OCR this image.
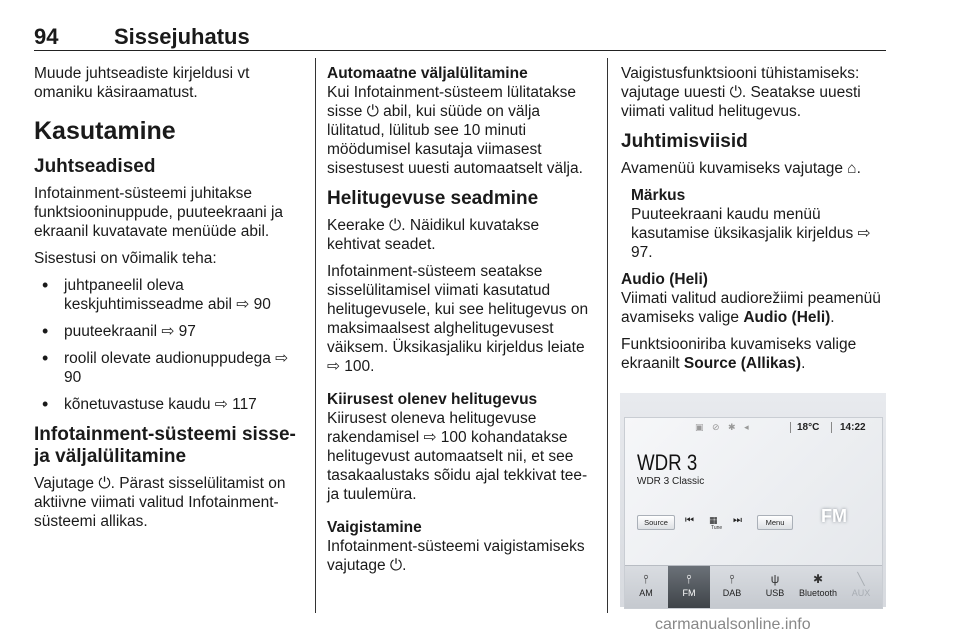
94	Sissejuhatus

Muude juhtseadiste kirjeldusi vt omaniku käsiraamatust.

Kasutamine
Juhtseadised

Infotainment-süsteemi juhitakse funktsiooninuppude, puuteekraani ja ekraanil kuvatavate menüüde abil.

Sisestusi on võimalik teha:

• juhtpaneelil oleva keskjuhtimisseadme abil ⇨ 90
• puuteekraanil ⇨ 97
• roolil olevate audionuppudega ⇨ 90
• kõnetuvastuse kaudu ⇨ 117
Infotainment-süsteemi sisse- ja väljalülitamine

Vajutage ⏻. Pärast sisselülitamist on aktiivne viimati valitud Infotainment-süsteemi allikas.

Automaatne väljalülitamine

Kui Infotainment-süsteem lülitatakse sisse ⏻ abil, kui süüde on välja lülitatud, lülitub see 10 minuti möödumisel kasutaja viimasest sisestusest uuesti automaatselt välja.

Helitugevuse seadmine

Keerake ⏻. Näidikul kuvatakse kehtivat seadet.

Infotainment-süsteem seatakse sisselülitamisel viimati kasutatud helitugevusele, kui see helitugevus on maksimaalsest alghelitugevusest väiksem. Üksikasjaliku kirjeldus leiate ⇨ 100.

Kiirusest olenev helitugevus

Kiirusest oleneva helitugevuse rakendamisel ⇨ 100 kohandatakse helitugevust automaatselt nii, et see tasakaalustaks sõidu ajal tekkivat tee- ja tuulemüra.

Vaigistamine

Infotainment-süsteemi vaigistamiseks vajutage ⏻.

Vaigistusfunktsiooni tühistamiseks: vajutage uuesti ⏻. Seatakse uuesti viimati valitud helitugevus.

Juhtimisviisid

Avamenüü kuvamiseks vajutage ⌂.

Märkus
Puuteekraani kaudu menüü kasutamise üksikasjalik kirjeldus ⇨ 97.
Audio (Heli)

Viimati valitud audiorežiimi peamenüü avamiseks valige Audio (Heli).

Funktsiooniriba kuvamiseks valige ekraanilt Source (Allikas).

▣ ⊘ ✱ ◂	18°C 14:22
WDR 3
WDR 3 Classic
FM
Source	⏮ ▦
Tune
⏭	Menu
⫯
AM
⫯
FM
⫯
DAB
ψ
USB
✱
Bluetooth
╲
AUX
carmanualsonline.info
